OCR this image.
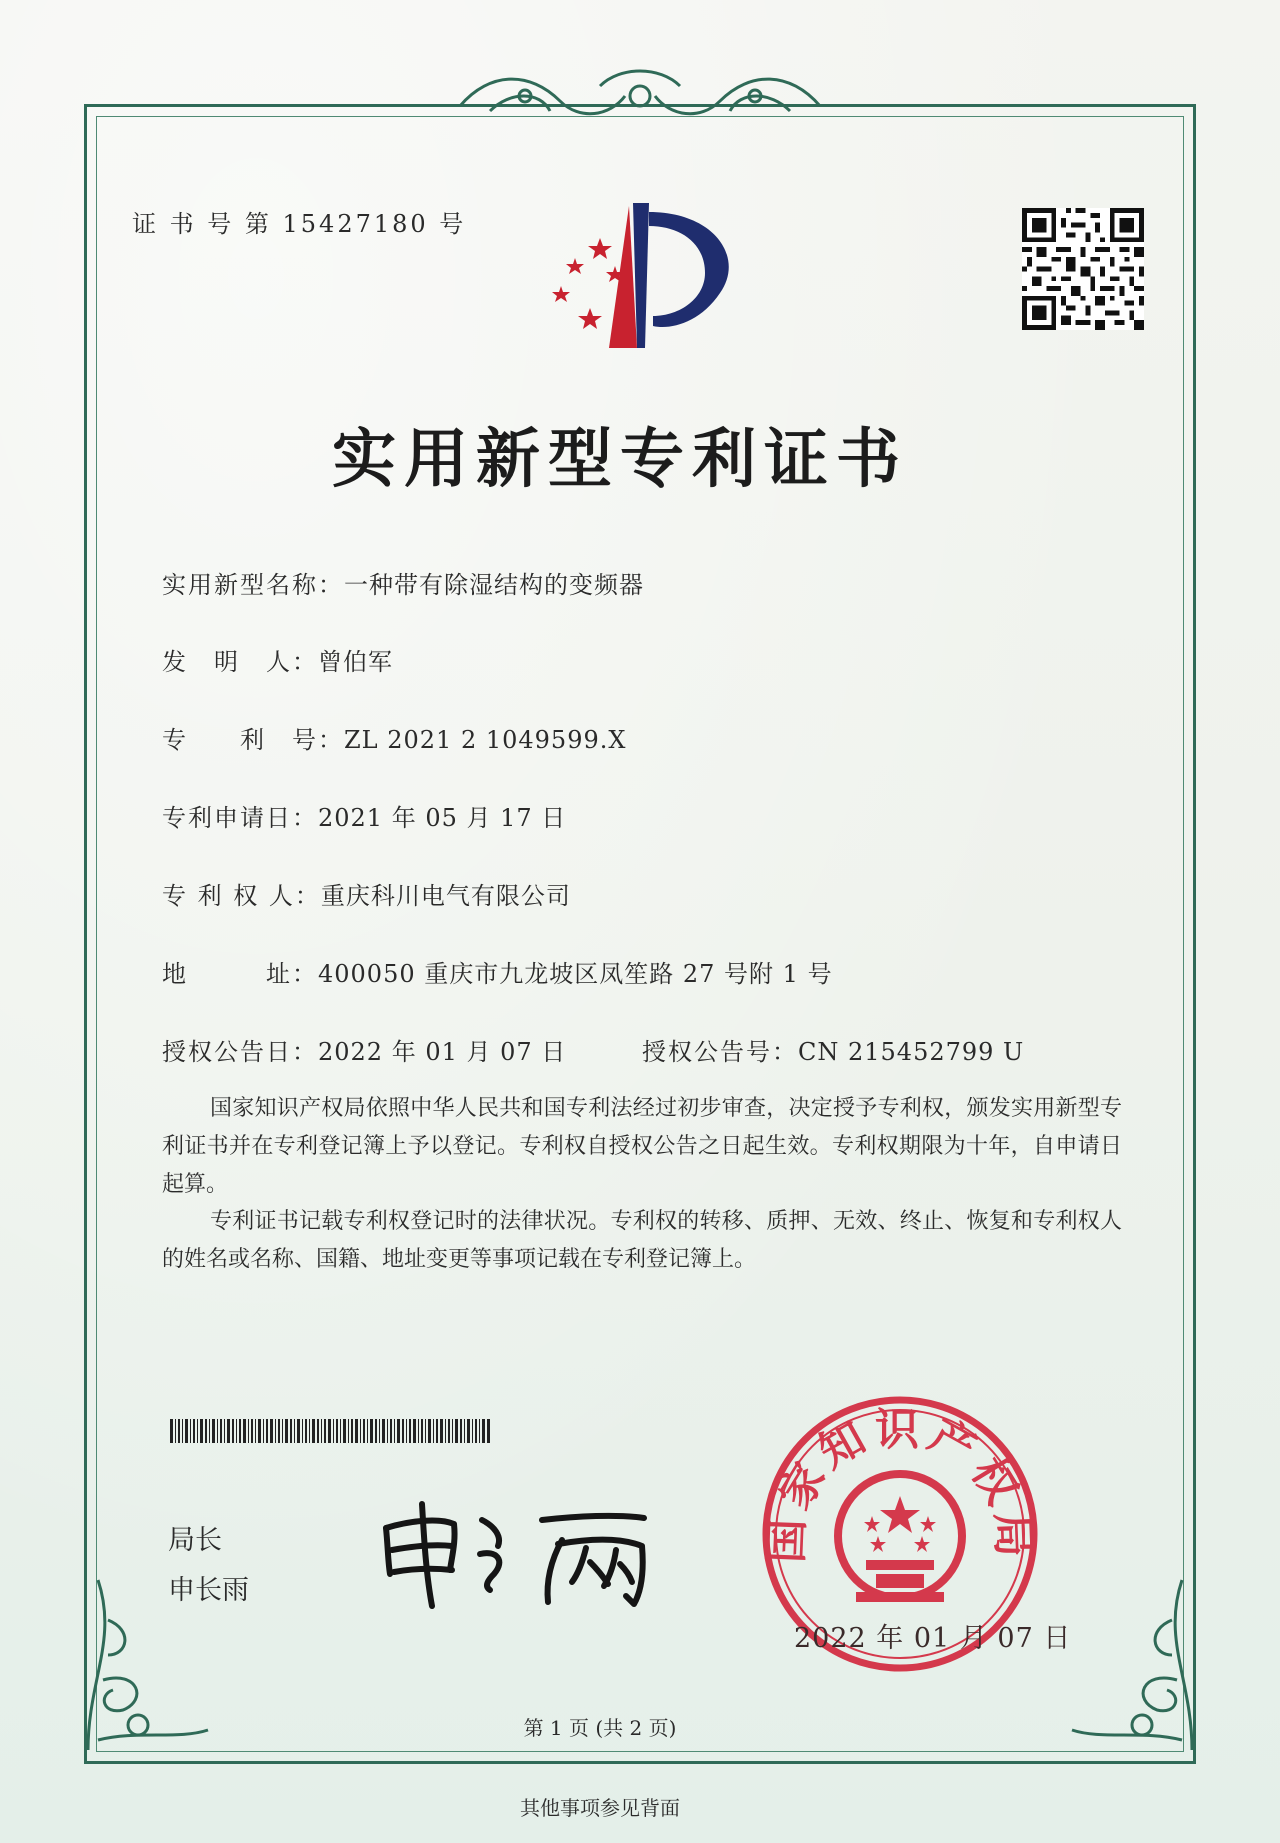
证 书 号 第 15427180 号
实用新型专利证书
实用新型名称：一种带有除湿结构的变频器
发　明　人：曾伯军
专　　利　号：ZL 2021 2 1049599.X
专利申请日：2021 年 05 月 17 日
专 利 权 人：重庆科川电气有限公司
地　　　址：400050 重庆市九龙坡区凤笙路 27 号附 1 号
授权公告日：2022 年 01 月 07 日	授权公告号：CN 215452799 U
国家知识产权局依照中华人民共和国专利法经过初步审查，决定授予专利权，颁发实用新型专利证书并在专利登记簿上予以登记。专利权自授权公告之日起生效。专利权期限为十年，自申请日起算。
专利证书记载专利权登记时的法律状况。专利权的转移、质押、无效、终止、恢复和专利权人的姓名或名称、国籍、地址变更等事项记载在专利登记簿上。
局长
申长雨
国家知识产权局
2022 年 01 月 07 日
第 1 页 (共 2 页)
其他事项参见背面
